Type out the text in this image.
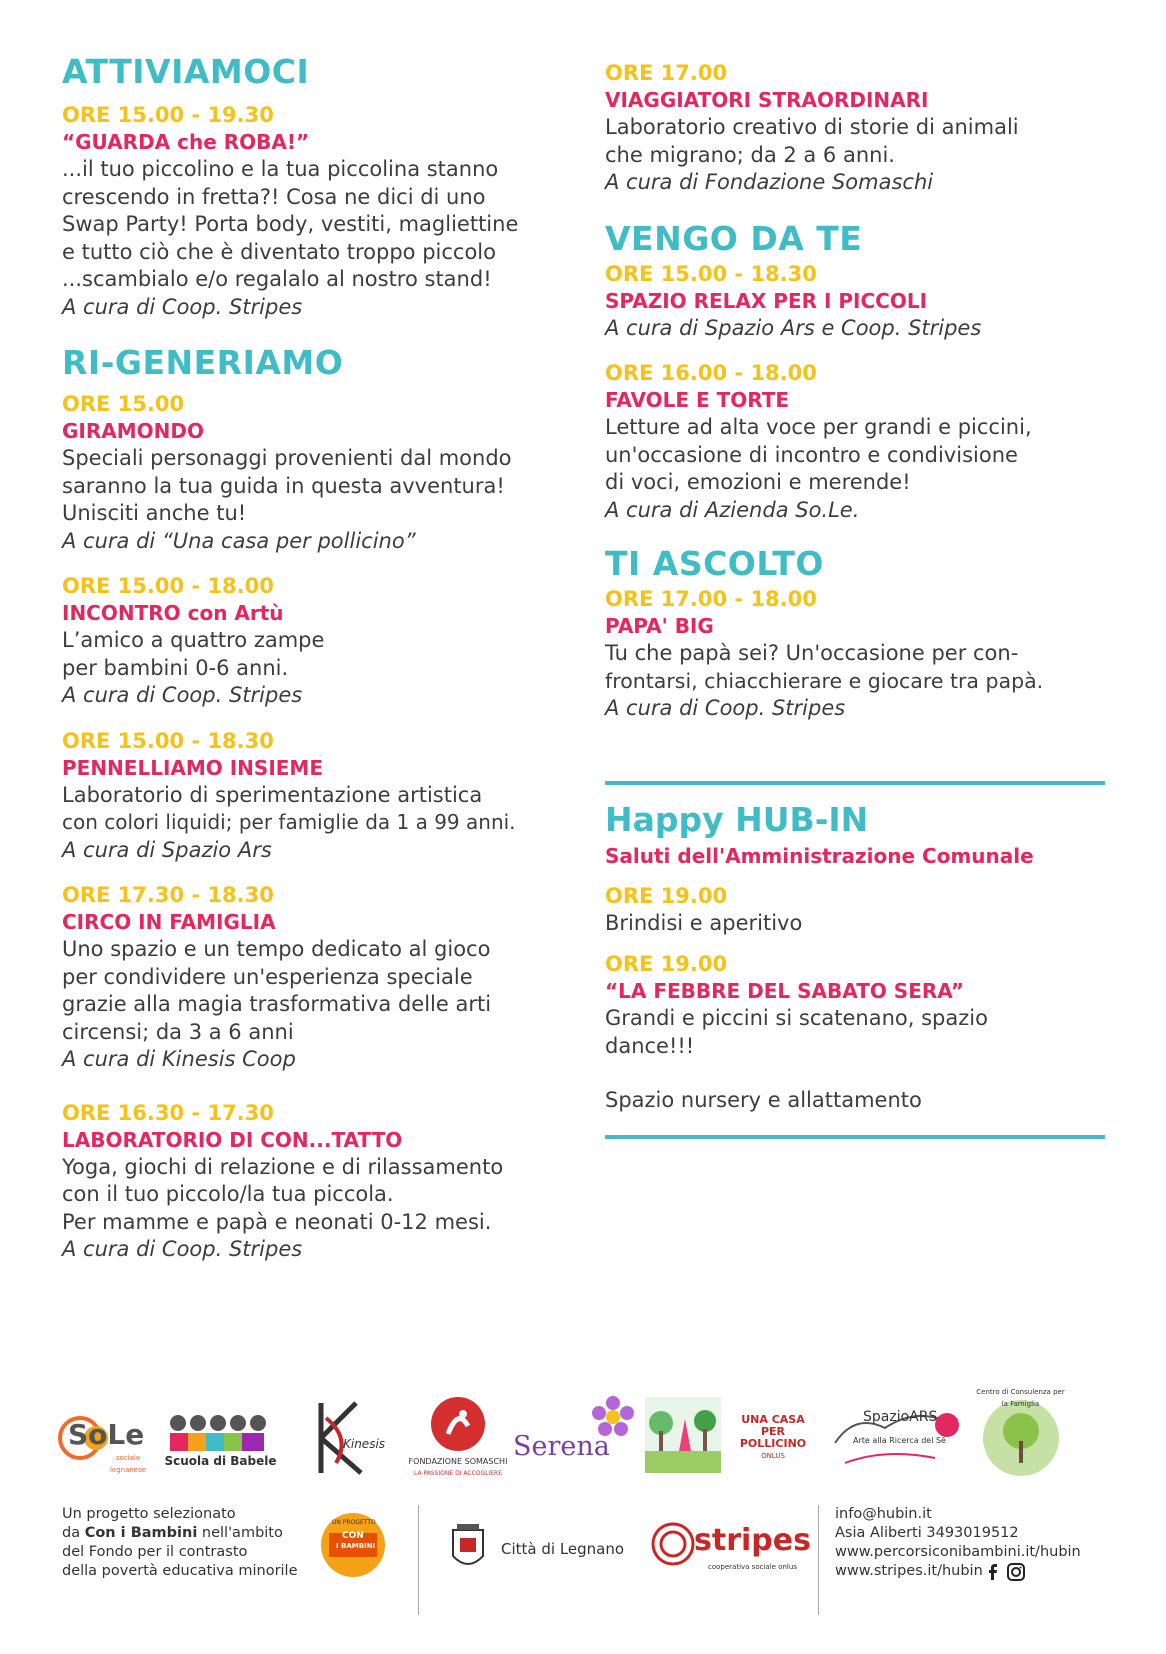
ATTIVIAMOCI
ORE 15.00 - 19.30
“GUARDA che ROBA!”
...il tuo piccolino e la tua piccolina stanno
crescendo in fretta?! Cosa ne dici di uno
Swap Party! Porta body, vestiti, magliettine
e tutto ciò che è diventato troppo piccolo
...scambialo e/o regalalo al nostro stand!
A cura di Coop. Stripes
RI-GENERIAMO
ORE 15.00
GIRAMONDO
Speciali personaggi provenienti dal mondo
saranno la tua guida in questa avventura!
Unisciti anche tu!
A cura di “Una casa per pollicino”
ORE 15.00 - 18.00
INCONTRO con Artù
L’amico a quattro zampe
per bambini 0-6 anni.
A cura di Coop. Stripes
ORE 15.00 - 18.30
PENNELLIAMO INSIEME
Laboratorio di sperimentazione artistica
con colori liquidi; per famiglie da 1 a 99 anni.
A cura di Spazio Ars
ORE 17.30 - 18.30
CIRCO IN FAMIGLIA
Uno spazio e un tempo dedicato al gioco
per condividere un'esperienza speciale
grazie alla magia trasformativa delle arti
circensi; da 3 a 6 anni
A cura di Kinesis Coop
ORE 16.30 - 17.30
LABORATORIO DI CON...TATTO
Yoga, giochi di relazione e di rilassamento
con il tuo piccolo/la tua piccola.
Per mamme e papà e neonati 0-12 mesi.
A cura di Coop. Stripes
ORE 17.00
VIAGGIATORI STRAORDINARI
Laboratorio creativo di storie di animali
che migrano; da 2 a 6 anni.
A cura di Fondazione Somaschi
VENGO DA TE
ORE 15.00 - 18.30
SPAZIO RELAX PER I PICCOLI
A cura di Spazio Ars e Coop. Stripes
ORE 16.00 - 18.00
FAVOLE E TORTE
Letture ad alta voce per grandi e piccini,
un'occasione di incontro e condivisione
di voci, emozioni e merende!
A cura di Azienda So.Le.
TI ASCOLTO
ORE 17.00 - 18.00
PAPA' BIG
Tu che papà sei? Un'occasione per con-
frontarsi, chiacchierare e giocare tra papà.
A cura di Coop. Stripes
Happy HUB-IN
Saluti dell'Amministrazione Comunale
ORE 19.00
Brindisi e aperitivo
ORE 19.00
“LA FEBBRE DEL SABATO SERA”
Grandi e piccini si scatenano, spazio
dance!!!
Spazio nursery e allattamento
SoLe
sociale legnanese
Scuola di Babele
Kinesis
FONDAZIONE SOMASCHI
LA PASSIONE DI ACCOGLIERE
Serena
UNA CASA
PER
POLLICINO
ONLUS
SpazioARS
Arte alla Ricerca del Sé
Centro di Consulenza per la Famiglia
Un progetto selezionato
da Con i Bambini nell'ambito
del Fondo per il contrasto
della povertà educativa minorile
UN PROGETTO
CON
I BAMBINI	Città di Legnano stripes
cooperativa sociale onlus
info@hubin.it
Asia Aliberti 3493019512
www.percorsiconibambini.it/hubin
www.stripes.it/hubin
